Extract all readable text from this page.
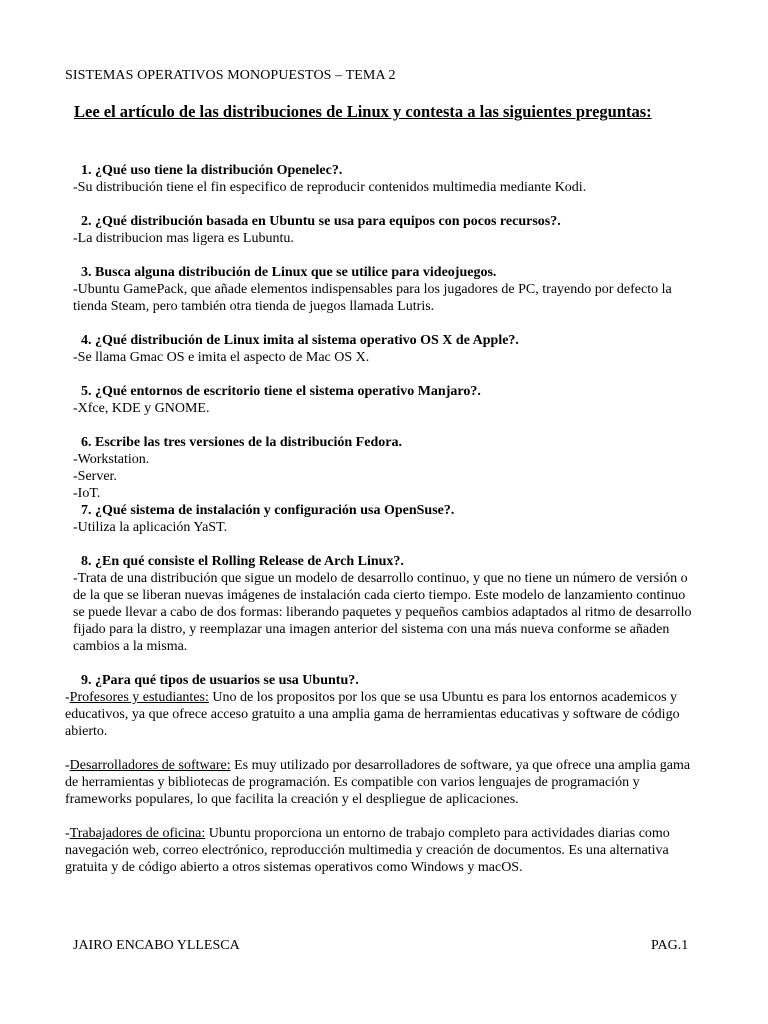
SISTEMAS OPERATIVOS MONOPUESTOS – TEMA 2

Lee el artículo de las distribuciones de Linux y contesta a las siguientes preguntas:

1. ¿Qué uso tiene la distribución Openelec?.

-Su distribución tiene el fin especifico de reproducir contenidos multimedia mediante Kodi.

2. ¿Qué distribución basada en Ubuntu se usa para equipos con pocos recursos?.

-La distribucion mas ligera es Lubuntu.

3. Busca alguna distribución de Linux que se utilice para videojuegos.

-Ubuntu GamePack, que añade elementos indispensables para los jugadores de PC, trayendo por defecto la tienda Steam, pero también otra tienda de juegos llamada Lutris.

4. ¿Qué distribución de Linux imita al sistema operativo OS X de Apple?.

-Se llama Gmac OS e imita el aspecto de Mac OS X.

5. ¿Qué entornos de escritorio tiene el sistema operativo Manjaro?.

-Xfce, KDE y GNOME.

6. Escribe las tres versiones de la distribución Fedora.

-Workstation.

-Server.

-IoT.

7. ¿Qué sistema de instalación y configuración usa OpenSuse?.

-Utiliza la aplicación YaST.

8. ¿En qué consiste el Rolling Release de Arch Linux?.

-Trata de una distribución que sigue un modelo de desarrollo continuo, y que no tiene un número de versión o de la que se liberan nuevas imágenes de instalación cada cierto tiempo. Este modelo de lanzamiento continuo se puede llevar a cabo de dos formas: liberando paquetes y pequeños cambios adaptados al ritmo de desarrollo fijado para la distro, y reemplazar una imagen anterior del sistema con una más nueva conforme se añaden cambios a la misma.

9. ¿Para qué tipos de usuarios se usa Ubuntu?.

-Profesores y estudiantes: Uno de los propositos por los que se usa Ubuntu es para los entornos academicos y educativos, ya que ofrece acceso gratuito a una amplia gama de herramientas educativas y software de código abierto.

-Desarrolladores de software: Es muy utilizado por desarrolladores de software, ya que ofrece una amplia gama de herramientas y bibliotecas de programación. Es compatible con varios lenguajes de programación y frameworks populares, lo que facilita la creación y el despliegue de aplicaciones.

-Trabajadores de oficina: Ubuntu proporciona un entorno de trabajo completo para actividades diarias como navegación web, correo electrónico, reproducción multimedia y creación de documentos. Es una alternativa gratuita y de código abierto a otros sistemas operativos como Windows y macOS.

JAIRO ENCABO YLLESCA	PAG.1
